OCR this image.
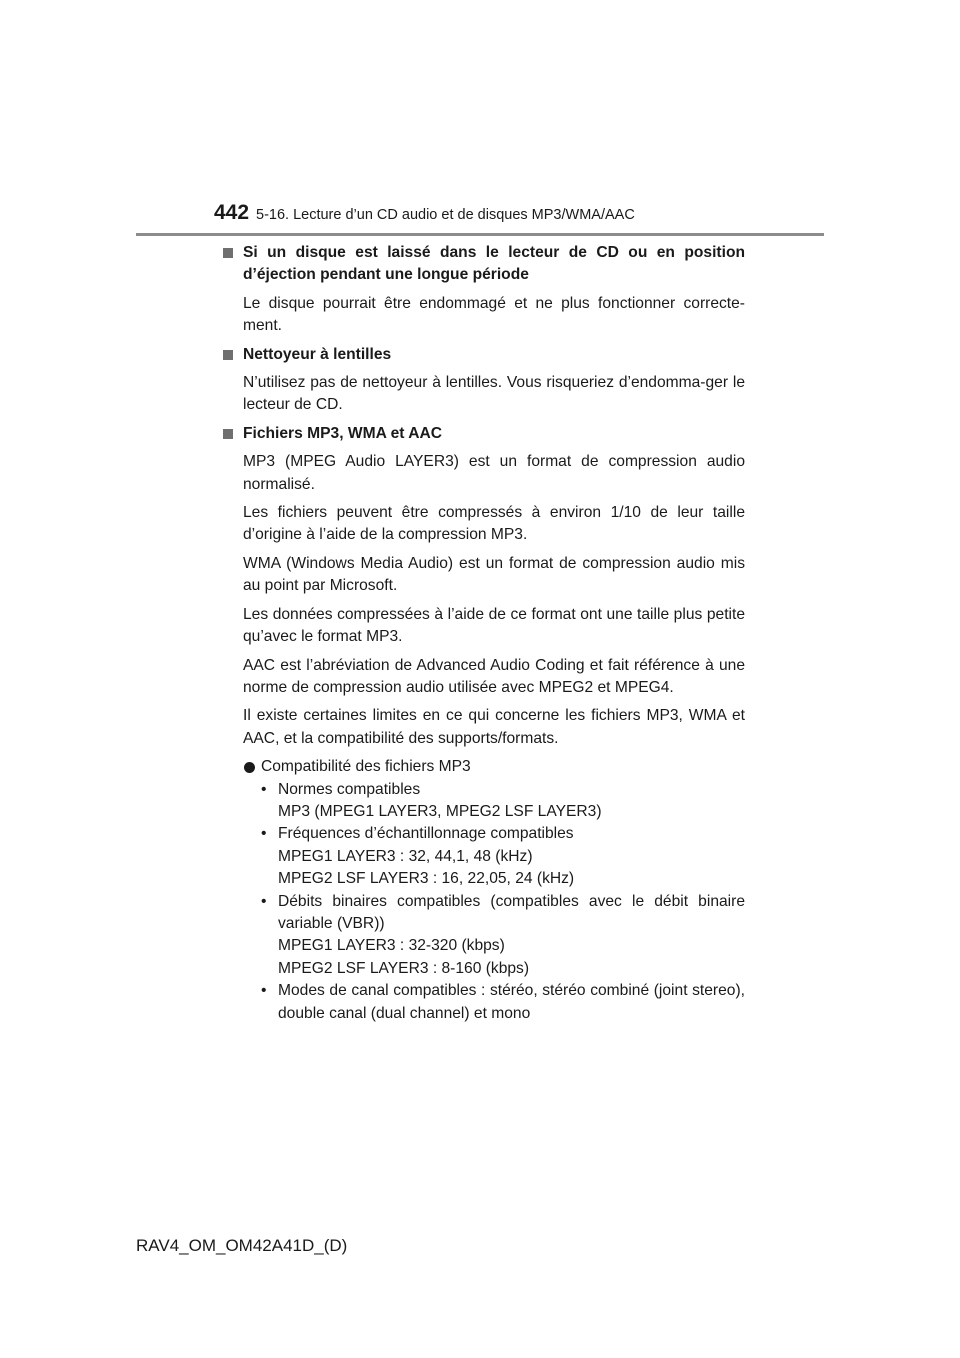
442 5-16. Lecture d’un CD audio et de disques MP3/WMA/AAC
Si un disque est laissé dans le lecteur de CD ou en position d’éjection pendant une longue période

Le disque pourrait être endommagé et ne plus fonctionner correcte-ment.

Nettoyeur à lentilles

N’utilisez pas de nettoyeur à lentilles. Vous risqueriez d’endomma-ger le lecteur de CD.

Fichiers MP3, WMA et AAC

MP3 (MPEG Audio LAYER3) est un format de compression audio normalisé.

Les fichiers peuvent être compressés à environ 1/10 de leur taille d’origine à l’aide de la compression MP3.

WMA (Windows Media Audio) est un format de compression audio mis au point par Microsoft.

Les données compressées à l’aide de ce format ont une taille plus petite qu’avec le format MP3.

AAC est l’abréviation de Advanced Audio Coding et fait référence à une norme de compression audio utilisée avec MPEG2 et MPEG4.

Il existe certaines limites en ce qui concerne les fichiers MP3, WMA et AAC, et la compatibilité des supports/formats.

Compatibilité des fichiers MP3

• Normes compatibles
MP3 (MPEG1 LAYER3, MPEG2 LSF LAYER3)
• Fréquences d’échantillonnage compatibles
MPEG1 LAYER3 : 32, 44,1, 48 (kHz)
MPEG2 LSF LAYER3 : 16, 22,05, 24 (kHz)
• Débits binaires compatibles (compatibles avec le débit binaire variable (VBR))
MPEG1 LAYER3 : 32-320 (kbps)
MPEG2 LSF LAYER3 : 8-160 (kbps)
• Modes de canal compatibles : stéréo, stéréo combiné (joint stereo), double canal (dual channel) et mono
RAV4_OM_OM42A41D_(D)
